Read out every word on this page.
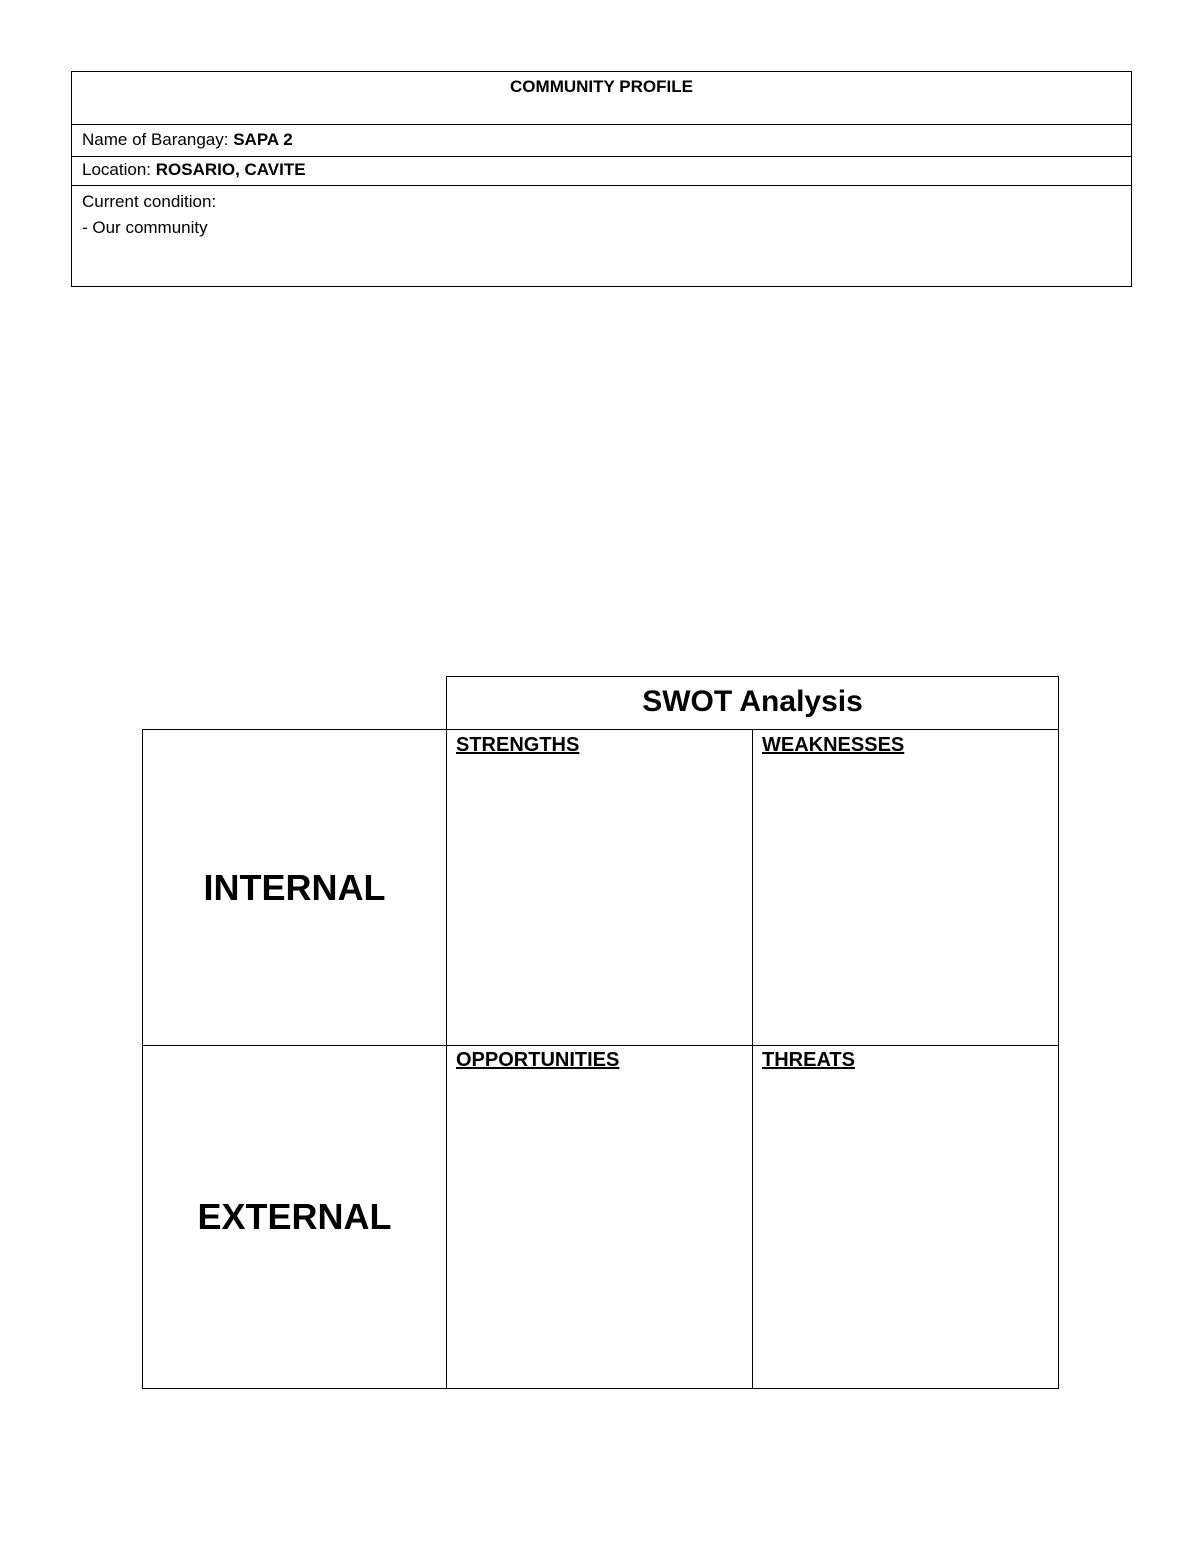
COMMUNITY PROFILE
Name of Barangay: SAPA 2
Location: ROSARIO, CAVITE
Current condition:
- Our community
SWOT Analysis
INTERNAL
EXTERNAL
STRENGTHS	WEAKNESSES
OPPORTUNITIES	THREATS
